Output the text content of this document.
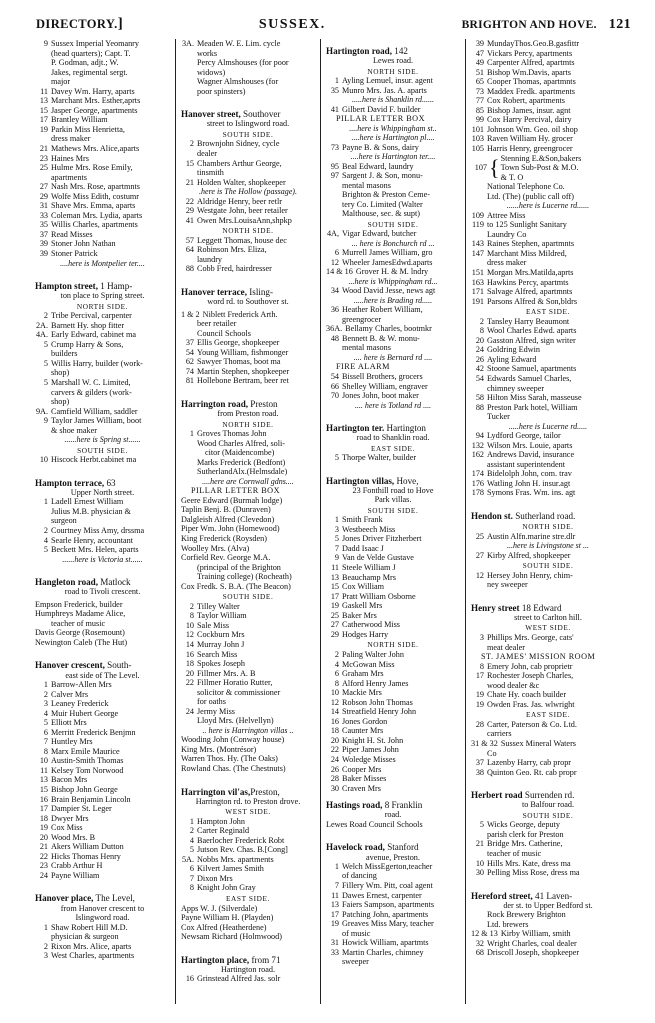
DIRECTORY.]	SUSSEX.	BRIGHTON AND HOVE. 121
9 Sussex Imperial Yeomanry
(head quarters); Capt. T.
P. Godman, adjt.; W.
Jakes, regimental sergt.
major
11 Davey Wm. Harry, aparts
13 Marchant Mrs. Esther,aprts
15 Jasper George, apartments
17 Brantley William
19 Parkin Miss Henrietta,
dress maker
21 Mathews Mrs. Alice,aparts
23 Haines Mrs
25 Hulme Mrs. Rose Emily,
apartments
27 Nash Mrs. Rose, apartmnts
29 Wolfe Miss Edith, costumr
31 Shave Mrs. Emma, aparts
33 Coleman Mrs. Lydia, aparts
35 Willis Charles, apartments
37 Read Misses
39 Stoner John Nathan
39 Stoner Patrick
....here is Montpelier ter....
Hampton street, 1 Hamp-
ton place to Spring street.
NORTH SIDE.
2 Tribe Percival, carpenter
2A. Barnett Hy. shop fitter
4A. Early Edward, cabinet ma
5 Crump Harry & Sons,
builders
5 Willis Harry, builder (work-
shop)
5 Marshall W. C. Limited,
carvers & gilders (work-
shop)
9A. Camfield William, saddler
9 Taylor James William, boot
& shoe maker
......here is Spring st......
SOUTH SIDE.
10 Hiscock Herbt.cabinet ma
Hampton terrace, 63
Upper North street.
1 Ladell Ernest William
Julius M.B. physician &
surgeon
2 Courtney Miss Amy, drssma
4 Searle Henry, accountant
5 Beckett Mrs. Helen, aparts
......here is Victoria st......
Hangleton road, Matlock
road to Tivoli crescent.
Empson Frederick, builder
Humphreys Madame Alice,
teacher of music
Davis George (Rosemount)
Newington Caleb (The Hut)
Hanover crescent, South-
east side of The Level.
1 Barrow-Allen Mrs
2 Calver Mrs
3 Leaney Frederick
4 Muir Hubert George
5 Elliott Mrs
6 Merritt Frederick Benjmn
7 Huntley Mrs
8 Marx Emile Maurice
10 Austin-Smith Thomas
11 Kelsey Tom Norwood
13 Bacon Mrs
15 Bishop John George
16 Brain Benjamin Lincoln
17 Dampier St. Leger
18 Dwyer Mrs
19 Cox Miss
20 Wood Mrs. B
21 Akers William Dutton
22 Hicks Thomas Henry
23 Crabb Arthur H
24 Payne William
Hanover place, The Level,
from Hanover crescent to
Islingword road.
1 Shaw Robert Hill M.D.
physician & surgeon
2 Rixon Mrs. Alice, aparts
3 West Charles, apartments
3A. Meaden W. E. Lim. cycle
works
Percy Almshouses (for poor
widows)
Wagner Almshouses (for
poor spinsters)
Hanover street, Southover
street to Islingword road.
SOUTH SIDE.
2 Brownjohn Sidney, cycle
dealer
15 Chambers Arthur George,
tinsmith
21 Holden Walter, shopkeeper
.here is The Hollow (passage).
22 Aldridge Henry, beer retlr
29 Westgate John, beer retailer
41 Owen Mrs.LouisaAnn,shpkp
NORTH SIDE.
57 Leggett Thomas, house dec
64 Robinson Mrs. Eliza,
laundry
88 Cobb Fred, hairdresser
Hanover terrace, Isling-
word rd. to Southover st.
1 & 2 Niblett Frederick Arth.
beer retailer
Council Schools
37 Ellis George, shopkeeper
54 Young William, fishmonger
62 Sawyer Thomas, boot ma
74 Martin Stephen, shopkeeper
81 Hollebone Bertram, beer ret
Harrington road, Preston
from Preston road.
NORTH SIDE.
1 Groves Thomas John
Wood Charles Alfred, soli-
citor (Maidencombe)
Marks Frederick (Bedfont)
SutherlandAlx.(Helmsdale)
....here are Cornwall gdns....
PILLAR LETTER BOX
Geere Edward (Burmah lodge)
Taplin Benj. B. (Dunraven)
Dalgleish Alfred (Clevedon)
Piper Wm. John (Homewood)
King Frederick (Roysden)
Woolley Mrs. (Alva)
Corfield Rev. George M.A.
(principal of the Brighton
Training college) (Rocheath)
Cox Fredk. S. B.A. (The Beacon)
SOUTH SIDE.
2 Tilley Walter
8 Taylor William
10 Sale Miss
12 Cockburn Mrs
14 Murray John J
16 Search Miss
18 Spokes Joseph
20 Fillmer Mrs. A. B
22 Fillmer Horatio Rutter,
solicitor & commissioner
for oaths
24 Jermy Miss
Lloyd Mrs. (Helvellyn)
.. here is Harrington villas ..
Wooding John (Conway house)
King Mrs. (Montrésor)
Warren Thos. Hy. (The Oaks)
Rowland Chas. (The Chestnuts)
Harrington vil'as,Preston,
Harrington rd. to Preston drove.
WEST SIDE.
1 Hampton John
2 Carter Reginald
4 Baerlocher Frederick Robt
5 Jutson Rev. Chas. B.[Cong]
5A. Nobbs Mrs. apartments
6 Kilvert James Smith
7 Dixon Mrs
8 Knight John Gray
EAST SIDE.
Apps W. J. (Silverdale)
Payne William H. (Playden)
Cox Alfred (Heatherdene)
Newsam Richard (Holmwood)
Hartington place, from 71
Hartington road.
16 Grinstead Alfred Jas. solr
Hartington road, 142
Lewes road.
NORTH SIDE.
1 Ayling Lemuel, insur. agent
35 Munro Mrs. Jas. A. aparts
.....here is Shanklin rd......
41 Gilbert David F. builder
PILLAR LETTER BOX
....here is Whippingham st..
....here is Hartington pl....
73 Payne B. & Sons, dairy
....here is Hartington ter....
95 Beal Edward, laundry
97 Sargent J. & Son, monu-
mental masons
Brighton & Preston Ceme-
tery Co. Limited (Walter
Malthouse, sec. & supt)
SOUTH SIDE.
4A, Vigar Edward, butcher
... here is Bonchurch rd ...
6 Murrell James William, gro
12 Wheeler JamesEdwd.aparts
14 & 16 Grover H. & M. lndry
...here is Whippingham rd...
34 Wood David Jesse, news agt
.....here is Brading rd.....
36 Heather Robert William,
greengrocer
36A. Bellamy Charles, bootmkr
48 Bennett B. & W. monu-
mental masons
.... here is Bernard rd ....
FIRE ALARM
54 Bissell Brothers, grocers
66 Shelley William, engraver
70 Jones John, boot maker
.... here is Totland rd ....
Hartington ter. Hartington
road to Shanklin road.
EAST SIDE.
5 Thorpe Walter, builder
Hartington villas, Hove,
23 Fonthill road to Hove
Park villas.
SOUTH SIDE.
1 Smith Frank
3 Westbeech Miss
5 Jones Driver Fitzherbert
7 Dadd Isaac J
9 Van de Velde Gustave
11 Steele William J
13 Beauchamp Mrs
15 Cox William
17 Pratt William Osborne
19 Gaskell Mrs
25 Baker Mrs
27 Catherwood Miss
29 Hodges Harry
NORTH SIDE.
2 Paling Walter John
4 McGowan Miss
6 Graham Mrs
8 Alford Henry James
10 Mackie Mrs
12 Robson John Thomas
14 Streatfield Henry John
16 Jones Gordon
18 Caunter Mrs
20 Knight H. St. John
22 Piper James John
24 Woledge Misses
26 Cooper Mrs
28 Baker Misses
30 Craven Mrs
Hastings road, 8 Franklin
road.
Lewes Road Council Schools
Havelock road, Stanford
avenue, Preston.
1 Welch MissEgerton,teacher
of dancing
7 Fillery Wm. Pitt, coal agent
11 Dawes Ernest, carpenter
13 Faiers Sampson, apartments
17 Patching John, apartments
19 Greaves Miss Mary, teacher
of music
31 Howick William, apartmts
33 Martin Charles, chimney
sweeper
39 MundayThos.Geo.B.gasfittr
47 Vickars Percy, apartments
49 Carpenter Alfred, apartmts
51 Bishop Wm.Davis, aparts
65 Cooper Thomas, apartmnts
73 Maddex Fredk. apartments
77 Cox Robert, apartments
85 Bishop James, insur. agnt
99 Cox Harry Percival, dairy
101 Johnson Wm. Geo. oil shop
103 Raven William Hy. grocer
105 Harris Henry, greengrocer
107 { Stenning E.&Son,bakers
Town Sub-Post & M.O.
& T. O
National Telephone Co.
Ltd. (The) (public call off)
......here is Lucerne rd......
109 Attree Miss
119 to 125 Sunlight Sanitary
Laundry Co
143 Raines Stephen, apartmnts
147 Marchant Miss Mildred,
dress maker
151 Morgan Mrs.Matilda,aprts
163 Hawkins Percy, apartmts
171 Salvage Alfred, apartmnts
191 Parsons Alfred & Son,bldrs
EAST SIDE.
2 Tansley Harry Beaumont
8 Wool Charles Edwd. aparts
20 Gasston Alfred, sign writer
24 Goldring Edwin
26 Ayling Edward
42 Stoone Samuel, apartments
54 Edwards Samuel Charles,
chimney sweeper
58 Hilton Miss Sarah, masseuse
88 Preston Park hotel, William
Tucker
.....here is Lucerne rd.....
94 Lydford George, tailor
132 Wilson Mrs. Louie, aparts
162 Andrews David, insurance
assistant superintendent
174 Bidelolph John, com. trav
176 Watling John H. insur.agt
178 Symons Fras. Wm. ins. agt
Hendon st. Sutherland road.
NORTH SIDE.
25 Austin Alfn.marine stre.dlr
...here is Livingstone st ...
27 Kirby Alfred, shopkeeper
SOUTH SIDE.
12 Hersey John Henry, chim-
ney sweeper
Henry street 18 Edward
street to Carlton hill.
WEST SIDE.
3 Phillips Mrs. George, cats'
meat dealer
ST. JAMES' MISSION ROOM
8 Emery John, cab proprietr
17 Rochester Joseph Charles,
wood dealer &c
19 Chate Hy. coach builder
19 Owden Fras. Jas. wlwright
EAST SIDE.
28 Carter, Paterson & Co. Ltd.
carriers
31 & 32 Sussex Mineral Waters
Co
37 Lazenby Harry, cab propr
38 Quinton Geo. Rt. cab propr
Herbert road Surrenden rd.
to Balfour road.
SOUTH SIDE.
5 Wicks George, deputy
parish clerk for Preston
21 Bridge Mrs. Catherine,
teacher of music
10 Hills Mrs. Kate, dress ma
30 Pelling Miss Rose, dress ma
Hereford street, 41 Laven-
der st. to Upper Bedford st.
Rock Brewery Brighton
Ltd. brewers
12 & 13 Kirby William, smith
32 Wright Charles, coal dealer
68 Driscoll Joseph, shopkeeper
